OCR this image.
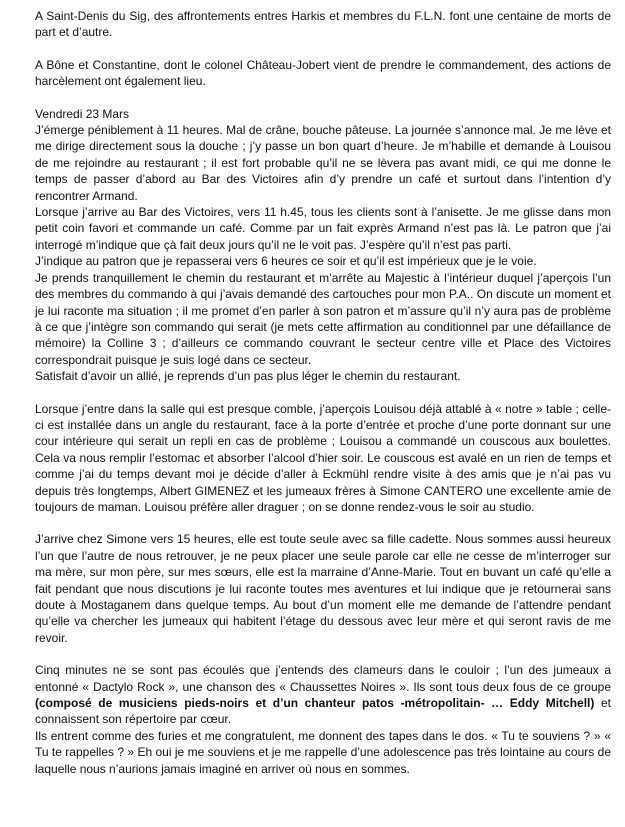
A Saint-Denis du Sig, des affrontements entres Harkis et membres du F.L.N. font une centaine de morts de part et d’autre.

A Bône et Constantine, dont le colonel Château-Jobert vient de prendre le commandement, des actions de harcèlement ont également lieu.

Vendredi 23 Mars

J’émerge péniblement à 11 heures. Mal de crâne, bouche pâteuse. La journée s’annonce mal. Je me lève et me dirige directement sous la douche ; j’y passe un bon quart d’heure. Je m’habille et demande à Louisou de me rejoindre au restaurant ; il est fort probable qu’il ne se lèvera pas avant midi, ce qui me donne le temps de passer d’abord au Bar des Victoires afin d’y prendre un café et surtout dans l’intention d’y rencontrer Armand.

Lorsque j’arrive au Bar des Victoires, vers 11 h.45, tous les clients sont à l’anisette. Je me glisse dans mon petit coin favori et commande un café. Comme par un fait exprès Armand n’est pas là. Le patron que j’ai interrogé m’indique que çà fait deux jours qu’il ne le voit pas. J’espère qu’il n’est pas parti.

J’indique au patron que je repasserai vers 6 heures ce soir et qu’il est impérieux que je le voie.

Je prends tranquillement le chemin du restaurant et m’arrête au Majestic à l’intérieur duquel j’aperçois l’un des membres du commando à qui j’avais demandé des cartouches pour mon P.A.. On discute un moment et je lui raconte ma situation ; il me promet d’en parler à son patron et m’assure qu’il n’y aura pas de problème à ce que j’intègre son commando qui serait (je mets cette affirmation au conditionnel par une défaillance de mémoire) la Colline 3 ; d’ailleurs ce commando couvrant le secteur centre ville et Place des Victoires correspondrait puisque je suis logé dans ce secteur.

Satisfait d’avoir un allié, je reprends d’un pas plus léger le chemin du restaurant.

Lorsque j’entre dans la salle qui est presque comble, j’aperçois Louisou déjà attablé à « notre » table ; celle-ci est installée dans un angle du restaurant, face à la porte d’entrée et proche d’une porte donnant sur une cour intérieure qui serait un repli en cas de problème ; Louisou a commandé un couscous aux boulettes. Cela va nous remplir l’estomac et absorber l’alcool d’hier soir. Le couscous est avalé en un rien de temps et comme j’ai du temps devant moi je décide d’aller à Eckmühl rendre visite à des amis que je n’ai pas vu depuis très longtemps, Albert GIMENEZ et les jumeaux frères à Simone CANTERO une excellente amie de toujours de maman. Louisou préfère aller draguer ; on se donne rendez-vous le soir au studio.

J’arrive chez Simone vers 15 heures, elle est toute seule avec sa fille cadette. Nous sommes aussi heureux l’un que l’autre de nous retrouver, je ne peux placer une seule parole car elle ne cesse de m’interroger sur ma mère, sur mon père, sur mes sœurs, elle est la marraine d’Anne-Marie. Tout en buvant un café qu’elle a fait pendant que nous discutions je lui raconte toutes mes aventures et lui indique que je retournerai sans doute à Mostaganem dans quelque temps. Au bout d’un moment elle me demande de l’attendre pendant qu’elle va chercher les jumeaux qui habitent l’étage du dessous avec leur mère et qui seront ravis de me revoir.

Cinq minutes ne se sont pas écoulés que j’entends des clameurs dans le couloir ; l’un des jumeaux a entonné « Dactylo Rock », une chanson des « Chaussettes Noires ». Ils sont tous deux fous de ce groupe (composé de musiciens pieds-noirs et d’un chanteur patos -métropolitain- … Eddy Mitchell) et connaissent son répertoire par cœur.

Ils entrent comme des furies et me congratulent, me donnent des tapes dans le dos. « Tu te souviens ? » « Tu te rappelles ? » Eh oui je me souviens et je me rappelle d’une adolescence pas très lointaine au cours de laquelle nous n’aurions jamais imaginé en arriver où nous en sommes.
